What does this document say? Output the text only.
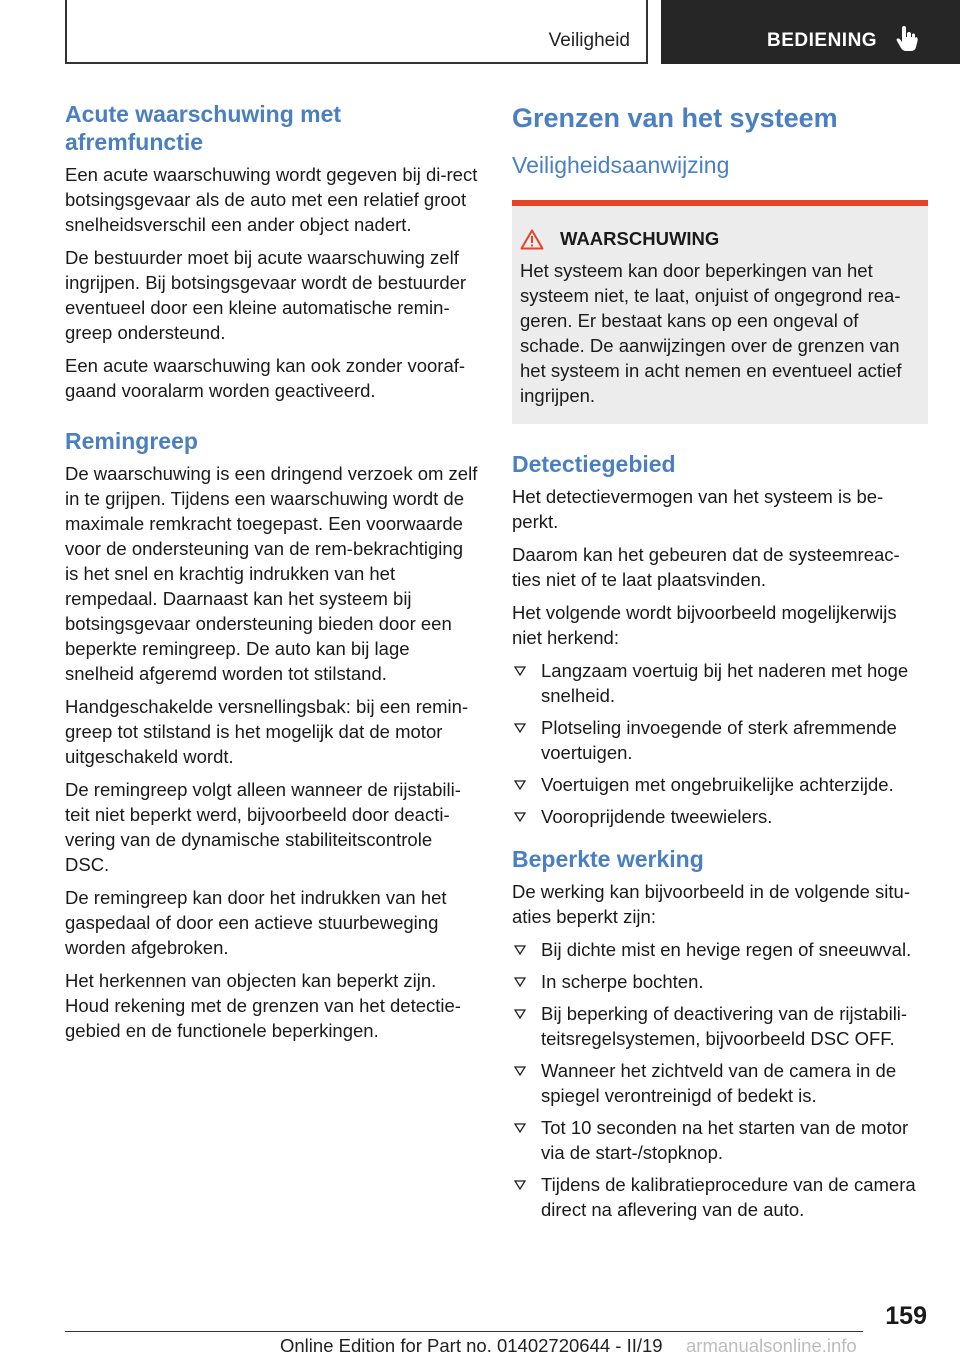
Veiligheid	BEDIENING
Acute waarschuwing met afremfunctie

Een acute waarschuwing wordt gegeven bij di-rect botsingsgevaar als de auto met een relatief groot snelheidsverschil een ander object nadert.

De bestuurder moet bij acute waarschuwing zelf ingrijpen. Bij botsingsgevaar wordt de bestuurder eventueel door een kleine automatische remin-greep ondersteund.

Een acute waarschuwing kan ook zonder vooraf-gaand vooralarm worden geactiveerd.

Remingreep

De waarschuwing is een dringend verzoek om zelf in te grijpen. Tijdens een waarschuwing wordt de maximale remkracht toegepast. Een voorwaarde voor de ondersteuning van de rem-bekrachtiging is het snel en krachtig indrukken van het rempedaal. Daarnaast kan het systeem bij botsingsgevaar ondersteuning bieden door een beperkte remingreep. De auto kan bij lage snelheid afgeremd worden tot stilstand.

Handgeschakelde versnellingsbak: bij een remin-greep tot stilstand is het mogelijk dat de motor uitgeschakeld wordt.

De remingreep volgt alleen wanneer de rijstabili-teit niet beperkt werd, bijvoorbeeld door deacti-vering van de dynamische stabiliteitscontrole DSC.

De remingreep kan door het indrukken van het gaspedaal of door een actieve stuurbeweging worden afgebroken.

Het herkennen van objecten kan beperkt zijn. Houd rekening met de grenzen van het detectie-gebied en de functionele beperkingen.

Grenzen van het systeem
Veiligheidsaanwijzing
WAARSCHUWING
Het systeem kan door beperkingen van het systeem niet, te laat, onjuist of ongegrond rea-geren. Er bestaat kans op een ongeval of schade. De aanwijzingen over de grenzen van het systeem in acht nemen en eventueel actief ingrijpen.
Detectiegebied

Het detectievermogen van het systeem is be-perkt.

Daarom kan het gebeuren dat de systeemreac-ties niet of te laat plaatsvinden.

Het volgende wordt bijvoorbeeld mogelijkerwijs niet herkend:

Langzaam voertuig bij het naderen met hoge snelheid.
Plotseling invoegende of sterk afremmende voertuigen.
Voertuigen met ongebruikelijke achterzijde.
Vooroprijdende tweewielers.
Beperkte werking

De werking kan bijvoorbeeld in de volgende situ-aties beperkt zijn:

Bij dichte mist en hevige regen of sneeuwval.
In scherpe bochten.
Bij beperking of deactivering van de rijstabili-teitsregelsystemen, bijvoorbeeld DSC OFF.
Wanneer het zichtveld van de camera in de spiegel verontreinigd of bedekt is.
Tot 10 seconden na het starten van de motor via de start-/stopknop.
Tijdens de kalibratieprocedure van de camera direct na aflevering van de auto.
159
Online Edition for Part no. 01402720644 - II/19 armanualsonline.info
